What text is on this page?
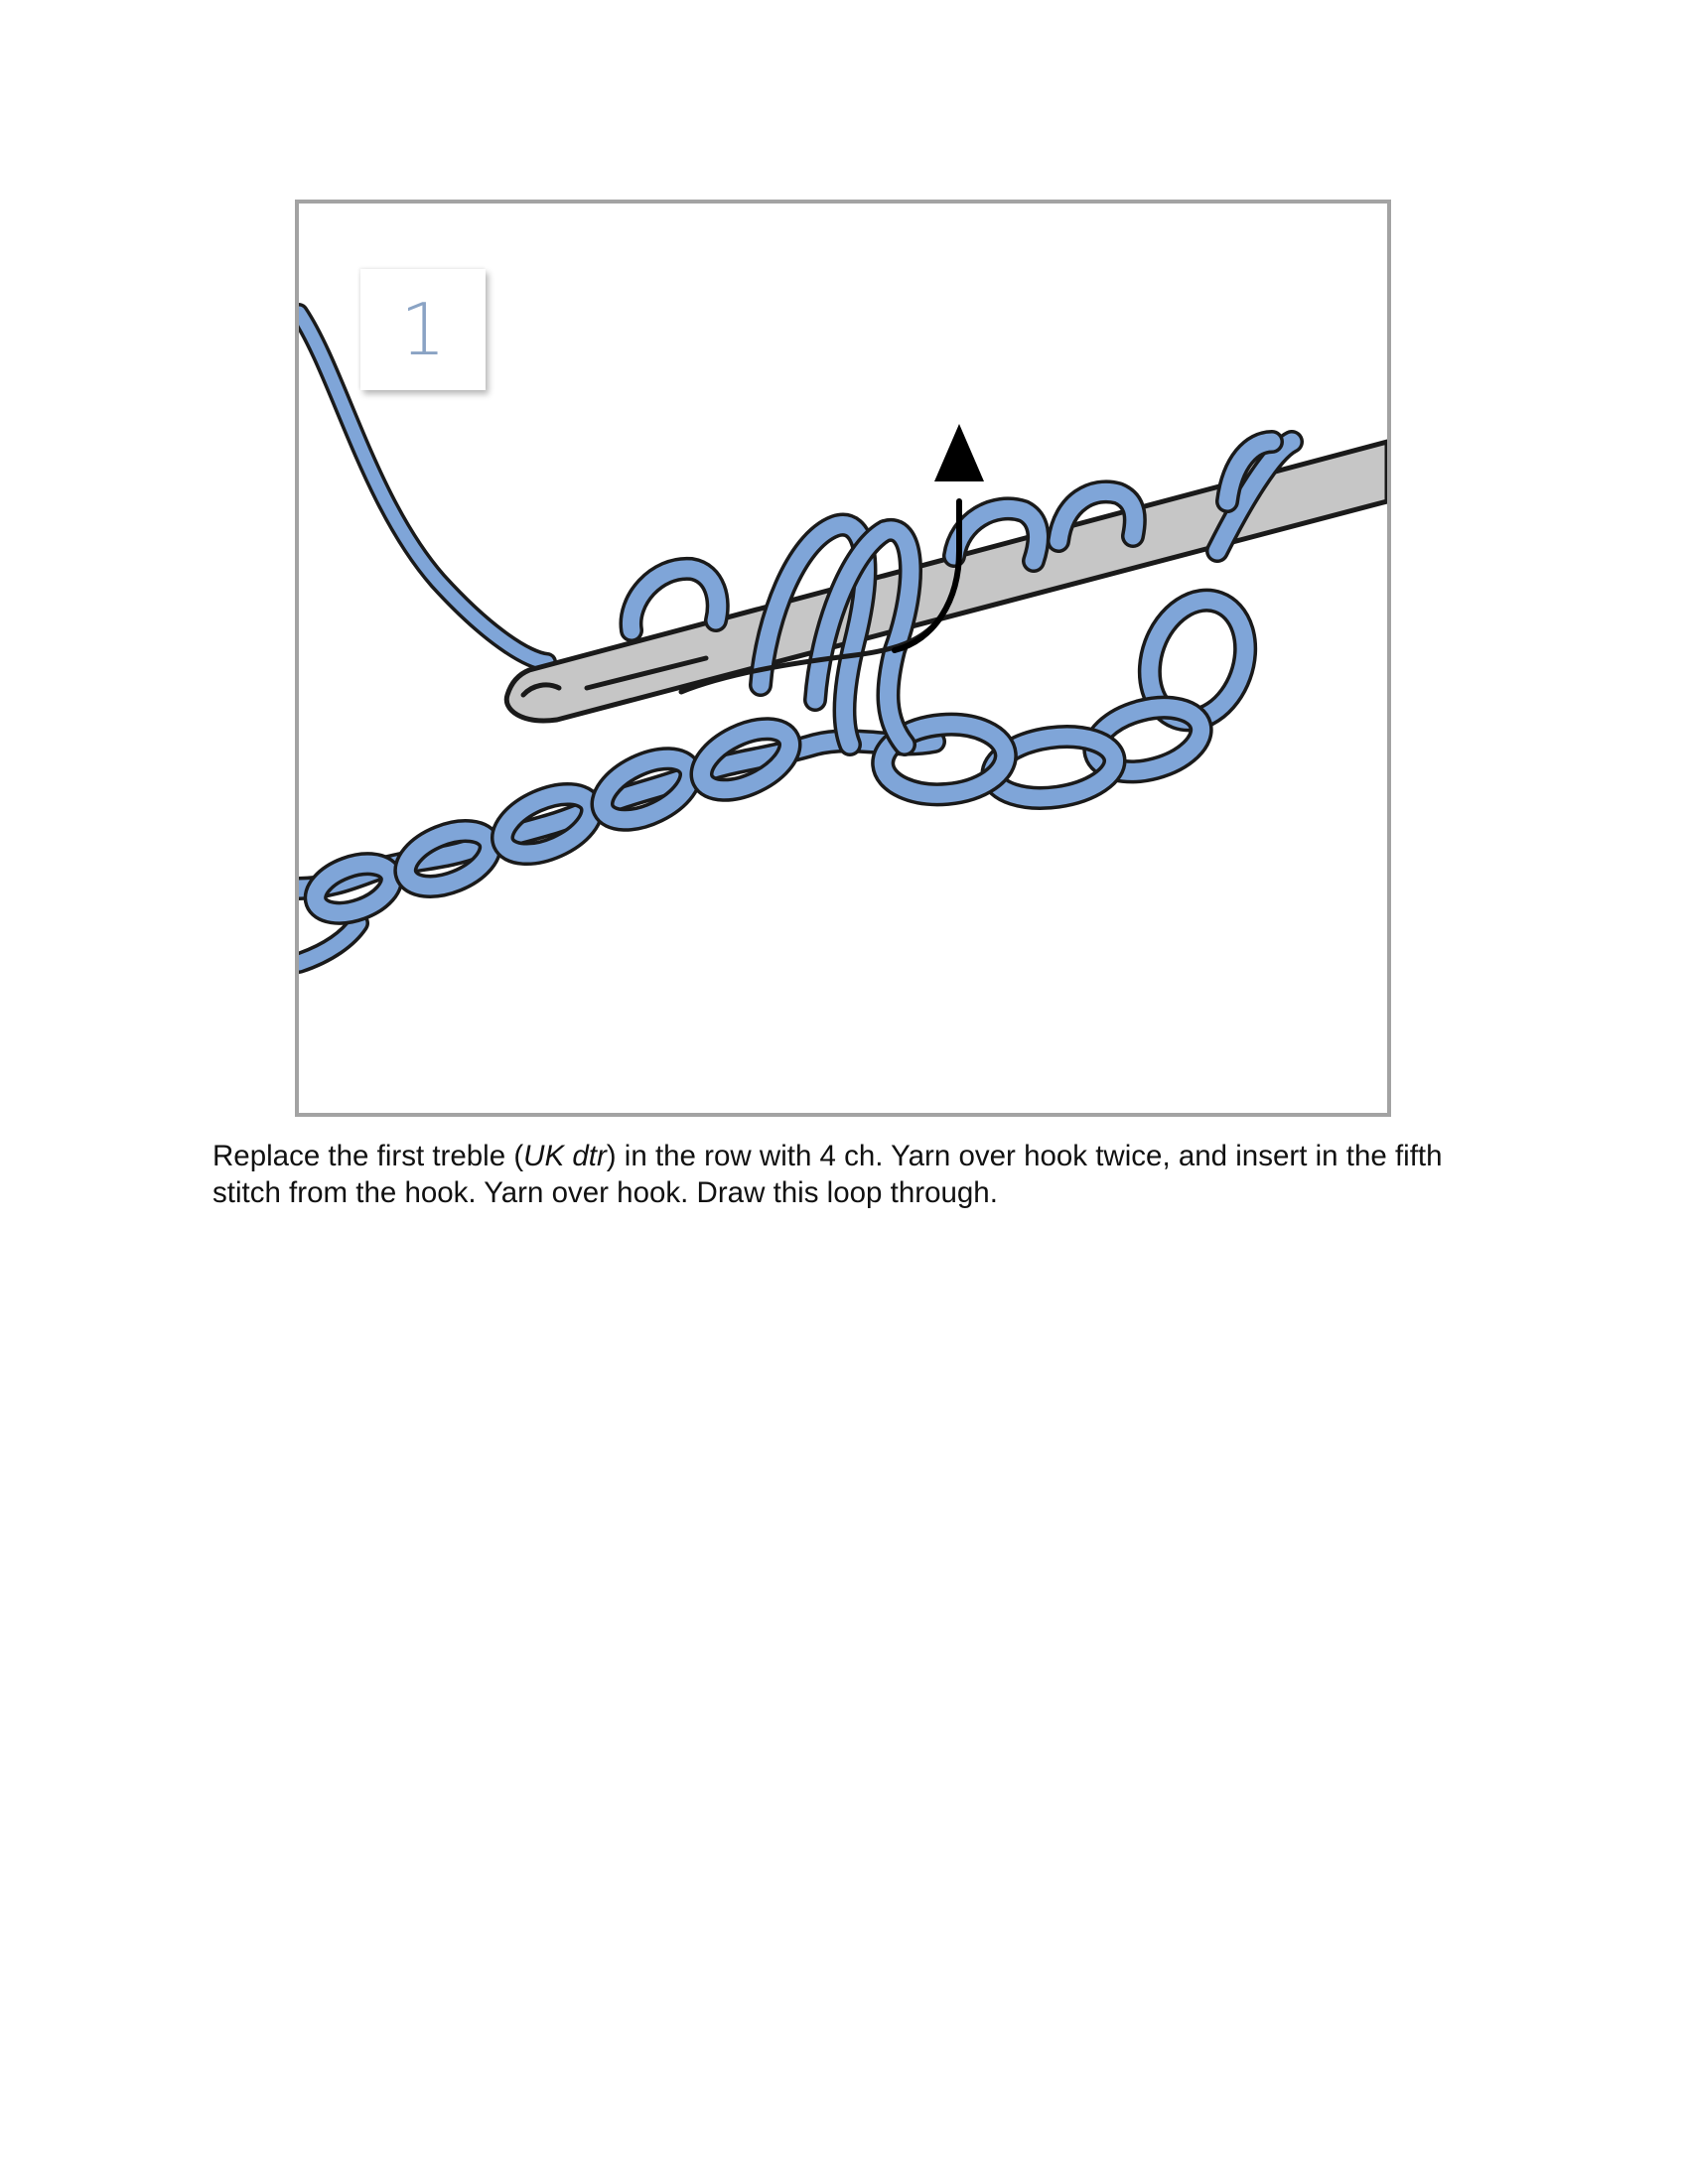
1

Replace the first treble (UK dtr) in the row with 4 ch. Yarn over hook twice, and insert in the fifth stitch from the hook. Yarn over hook. Draw this loop through.
